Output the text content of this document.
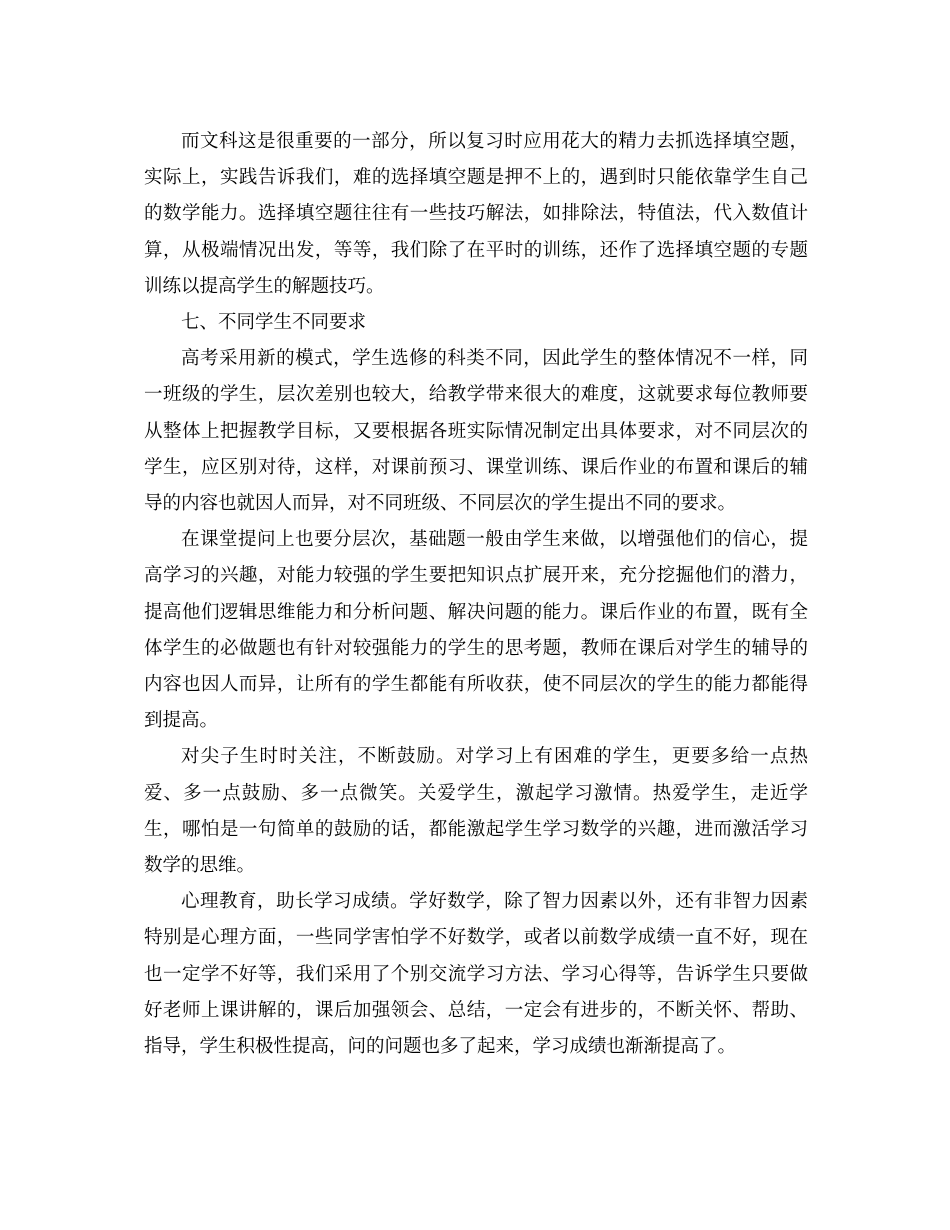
而文科这是很重要的一部分，所以复习时应用花大的精力去抓选择填空题，实际上，实践告诉我们，难的选择填空题是押不上的，遇到时只能依靠学生自己的数学能力。选择填空题往往有一些技巧解法，如排除法，特值法，代入数值计算，从极端情况出发，等等，我们除了在平时的训练，还作了选择填空题的专题训练以提高学生的解题技巧。

七、不同学生不同要求

高考采用新的模式，学生选修的科类不同，因此学生的整体情况不一样，同一班级的学生，层次差别也较大，给教学带来很大的难度，这就要求每位教师要从整体上把握教学目标，又要根据各班实际情况制定出具体要求，对不同层次的学生，应区别对待，这样，对课前预习、课堂训练、课后作业的布置和课后的辅导的内容也就因人而异，对不同班级、不同层次的学生提出不同的要求。

在课堂提问上也要分层次，基础题一般由学生来做，以增强他们的信心，提高学习的兴趣，对能力较强的学生要把知识点扩展开来，充分挖掘他们的潜力，提高他们逻辑思维能力和分析问题、解决问题的能力。课后作业的布置，既有全体学生的必做题也有针对较强能力的学生的思考题，教师在课后对学生的辅导的内容也因人而异，让所有的学生都能有所收获，使不同层次的学生的能力都能得到提高。

对尖子生时时关注，不断鼓励。对学习上有困难的学生，更要多给一点热爱、多一点鼓励、多一点微笑。关爱学生，激起学习激情。热爱学生，走近学生，哪怕是一句简单的鼓励的话，都能激起学生学习数学的兴趣，进而激活学习数学的思维。

心理教育，助长学习成绩。学好数学，除了智力因素以外，还有非智力因素特别是心理方面，一些同学害怕学不好数学，或者以前数学成绩一直不好，现在也一定学不好等，我们采用了个别交流学习方法、学习心得等，告诉学生只要做好老师上课讲解的，课后加强领会、总结，一定会有进步的，不断关怀、帮助、指导，学生积极性提高，问的问题也多了起来，学习成绩也渐渐提高了。
